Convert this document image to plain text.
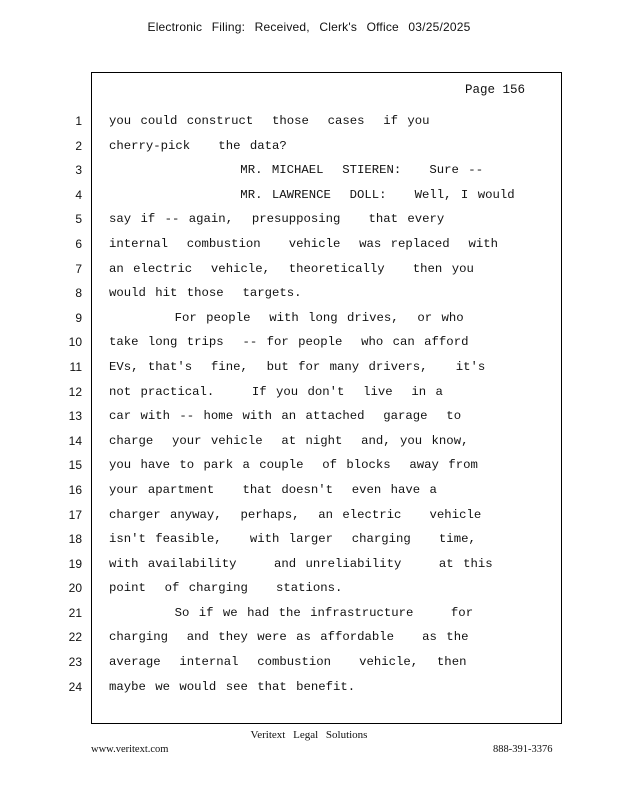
Electronic Filing: Received, Clerk's Office 03/25/2025
Page 156
1
2
3
4
5
6
7
8
9
10
11
12
13
14
15
16
17
18
19
20
21
22
23
24
you could construct  those  cases  if you
cherry-pick   the data?
MR. MICHAEL  STIEREN:   Sure --
MR. LAWRENCE  DOLL:   Well, I would
say if -- again,  presupposing   that every
internal  combustion   vehicle  was replaced  with
an electric  vehicle,  theoretically   then you
would hit those  targets.
For people  with long drives,  or who
take long trips  -- for people  who can afford
EVs, that's  fine,  but for many drivers,   it's
not practical.    If you don't  live  in a
car with -- home with an attached  garage  to
charge  your vehicle  at night  and, you know,
you have to park a couple  of blocks  away from
your apartment   that doesn't  even have a
charger anyway,  perhaps,  an electric   vehicle
isn't feasible,   with larger  charging   time,
with availability    and unreliability    at this
point  of charging   stations.
So if we had the infrastructure    for
charging  and they were as affordable   as the
average  internal  combustion   vehicle,  then
maybe we would see that benefit.
Veritext Legal Solutions
www.veritext.com	888-391-3376
